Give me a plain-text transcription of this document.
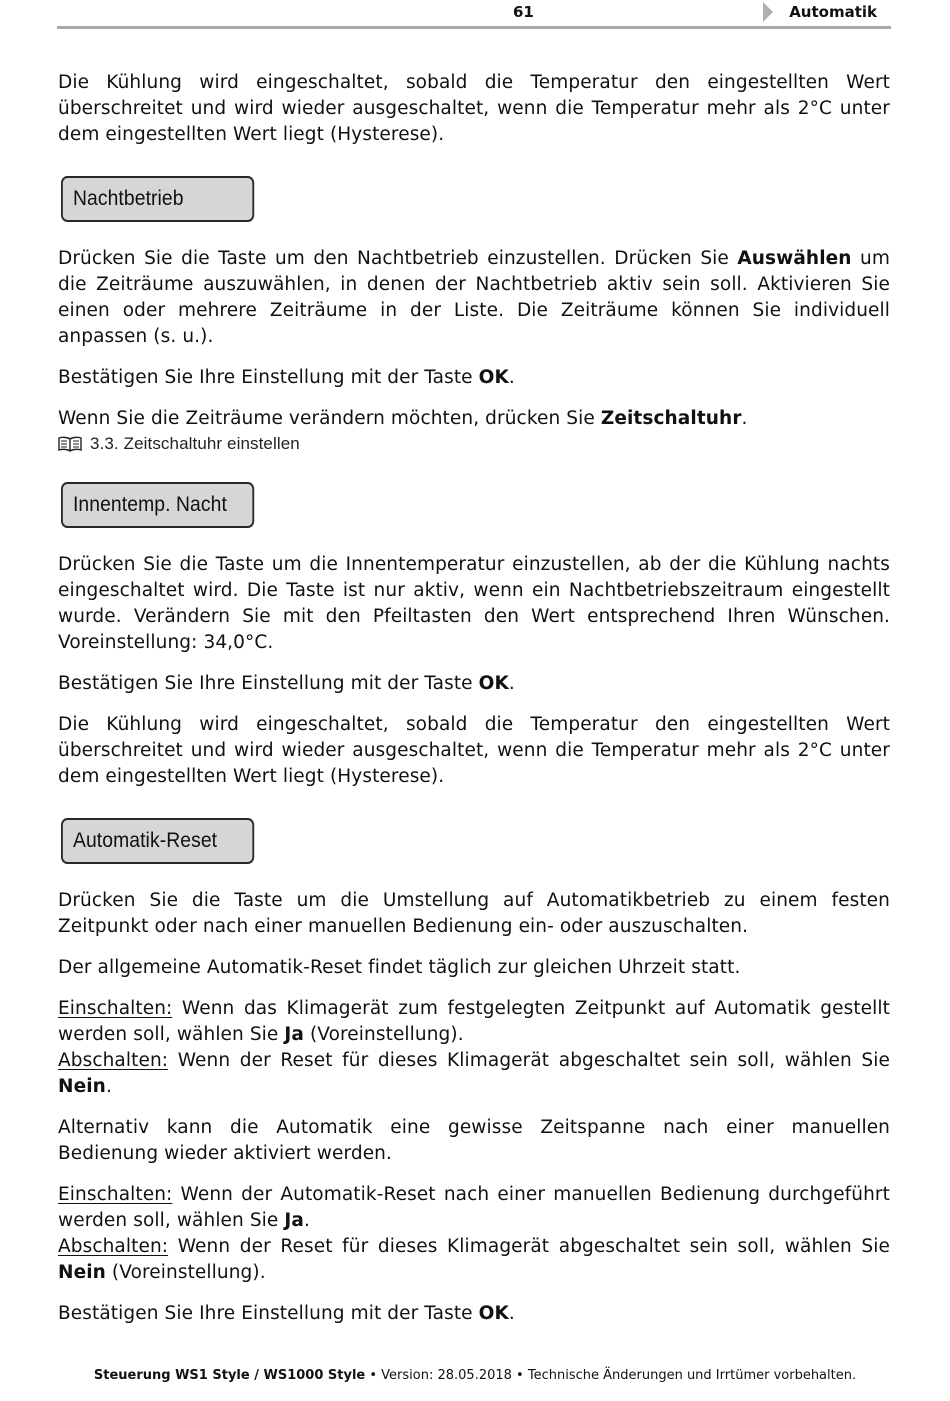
61	Automatik

Die Kühlung wird eingeschaltet, sobald die Temperatur den eingestellten Wert überschreitet und wird wieder ausgeschaltet, wenn die Temperatur mehr als 2°C unter dem eingestellten Wert liegt (Hysterese).

Nachtbetrieb

Drücken Sie die Taste um den Nachtbetrieb einzustellen. Drücken Sie Auswählen um die Zeiträume auszuwählen, in denen der Nachtbetrieb aktiv sein soll. Aktivieren Sie einen oder mehrere Zeiträume in der Liste. Die Zeiträume können Sie individuell anpassen (s. u.).

Bestätigen Sie Ihre Einstellung mit der Taste OK.

Wenn Sie die Zeiträume verändern möchten, drücken Sie Zeitschaltuhr.

3.3. Zeitschaltuhr einstellen
Innentemp. Nacht

Drücken Sie die Taste um die Innentemperatur einzustellen, ab der die Kühlung nachts eingeschaltet wird. Die Taste ist nur aktiv, wenn ein Nachtbetriebszeitraum eingestellt wurde. Verändern Sie mit den Pfeiltasten den Wert entsprechend Ihren Wünschen. Voreinstellung: 34,0°C.

Bestätigen Sie Ihre Einstellung mit der Taste OK.

Die Kühlung wird eingeschaltet, sobald die Temperatur den eingestellten Wert überschreitet und wird wieder ausgeschaltet, wenn die Temperatur mehr als 2°C unter dem eingestellten Wert liegt (Hysterese).

Automatik-Reset

Drücken Sie die Taste um die Umstellung auf Automatikbetrieb zu einem festen Zeitpunkt oder nach einer manuellen Bedienung ein- oder auszuschalten.

Der allgemeine Automatik-Reset findet täglich zur gleichen Uhrzeit statt.

Einschalten: Wenn das Klimagerät zum festgelegten Zeitpunkt auf Automatik gestellt werden soll, wählen Sie Ja (Voreinstellung).

Abschalten: Wenn der Reset für dieses Klimagerät abgeschaltet sein soll, wählen Sie Nein.

Alternativ kann die Automatik eine gewisse Zeitspanne nach einer manuellen Bedienung wieder aktiviert werden.

Einschalten: Wenn der Automatik-Reset nach einer manuellen Bedienung durchgeführt werden soll, wählen Sie Ja.

Abschalten: Wenn der Reset für dieses Klimagerät abgeschaltet sein soll, wählen Sie Nein (Voreinstellung).

Bestätigen Sie Ihre Einstellung mit der Taste OK.

Steuerung WS1 Style / WS1000 Style • Version: 28.05.2018 • Technische Änderungen und Irrtümer vorbehalten.
